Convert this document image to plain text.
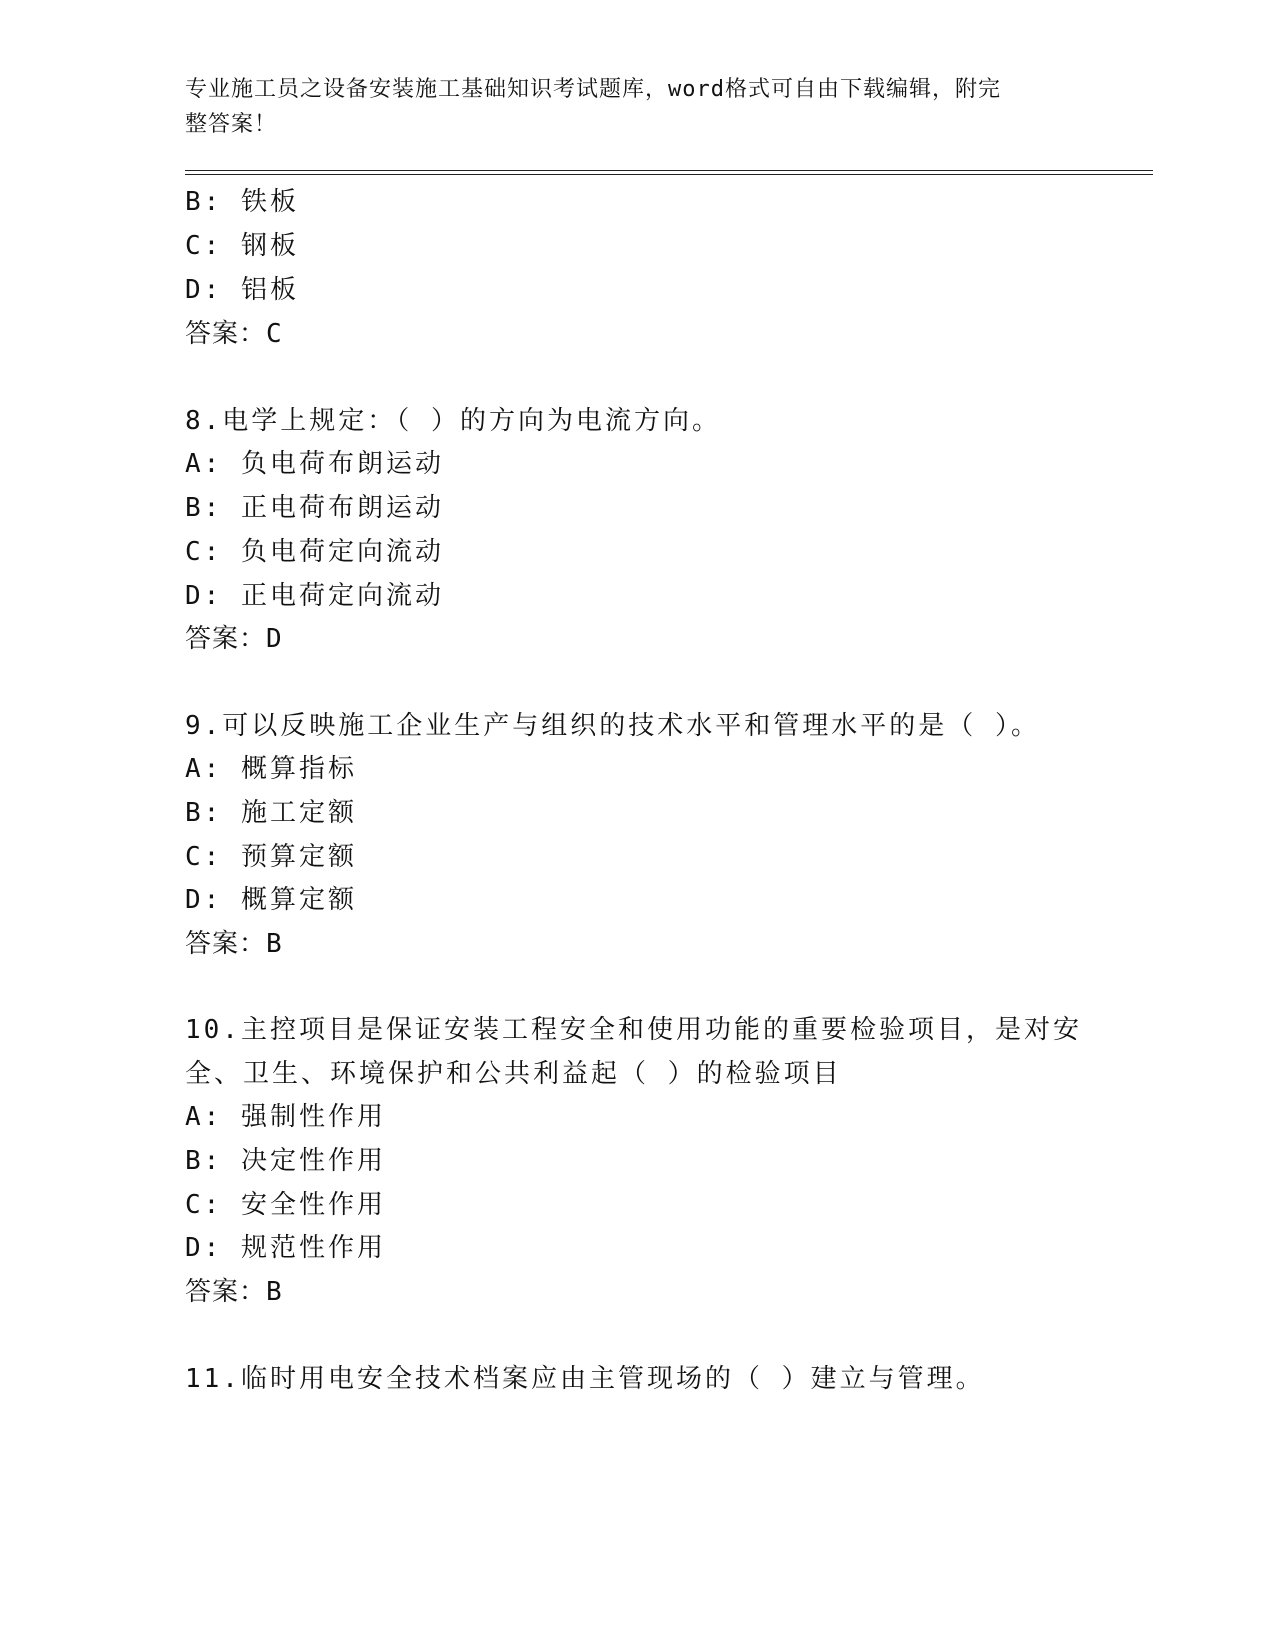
专业施工员之设备安装施工基础知识考试题库，word格式可自由下载编辑，附完
整答案！
B: 铁板
C: 钢板
D: 铝板
答案：C
8.电学上规定：（ ）的方向为电流方向。
A: 负电荷布朗运动
B: 正电荷布朗运动
C: 负电荷定向流动
D: 正电荷定向流动
答案：D
9.可以反映施工企业生产与组织的技术水平和管理水平的是（ ）。
A: 概算指标
B: 施工定额
C: 预算定额
D: 概算定额
答案：B
10.主控项目是保证安装工程安全和使用功能的重要检验项目，是对安
全、卫生、环境保护和公共利益起（ ）的检验项目
A: 强制性作用
B: 决定性作用
C: 安全性作用
D: 规范性作用
答案：B
11.临时用电安全技术档案应由主管现场的（ ）建立与管理。
